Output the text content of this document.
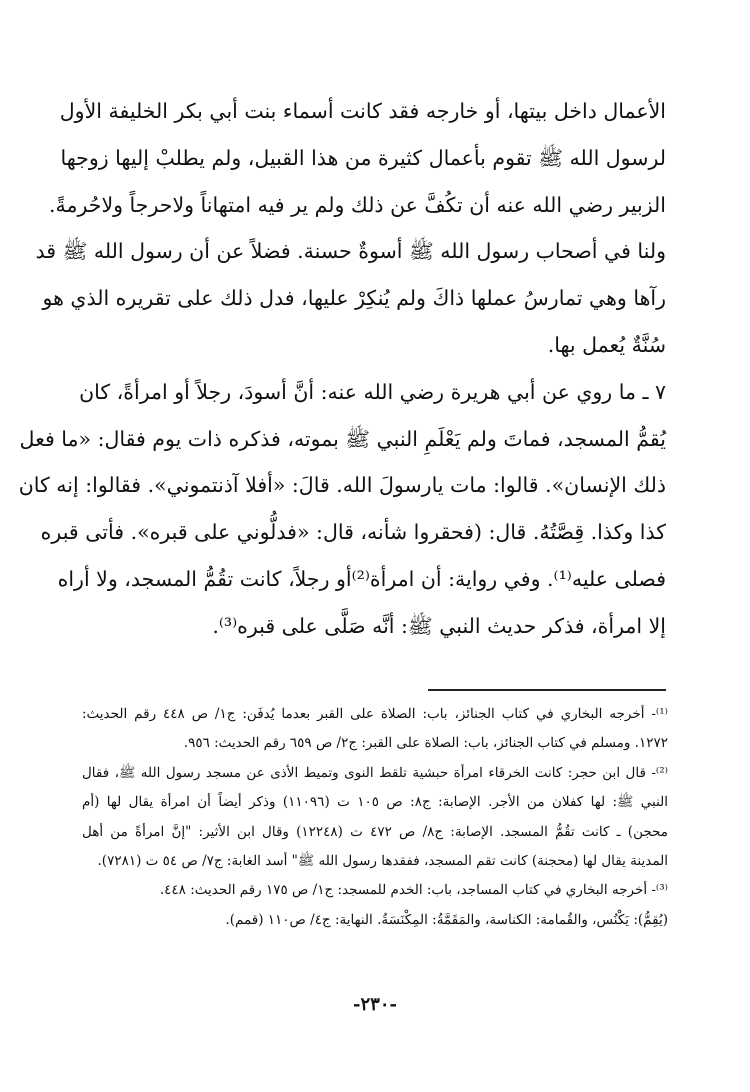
الأعمال داخل بيتها، أو خارجه فقد كانت أسماء بنت أبي بكر الخليفة الأول
لرسول الله ﷺ تقوم بأعمال كثيرة من هذا القبيل، ولم يطلبْ إليها زوجها
الزبير رضي الله عنه أن تكُفَّ عن ذلك ولم ير فيه امتهاناً ولاحرجاً ولاحُرمةً.
ولنا في أصحاب رسول الله ﷺ أسوةٌ حسنة. فضلاً عن أن رسول الله ﷺ قد
رآها وهي تمارسُ عملها ذاكَ ولم يُنكِرْ عليها، فدل ذلك على تقريره الذي هو
سُنَّةٌ يُعمل بها.
٧ ـ ما روي عن أبي هريرة رضي الله عنه: أنَّ أسودَ، رجلاً أو امرأةً، كان
يُقمُّ المسجد، فماتَ ولم يَعْلَمِ النبي ﷺ بموته، فذكره ذات يوم فقال: «ما فعل
ذلك الإنسان». قالوا: مات يارسولَ الله. قالَ: «أفلا آذنتموني». فقالوا: إنه كان
كذا وكذا. قِصَّتُهُ. قال: (فحقروا شأنه، قال: «فدلُّوني على قبره». فأتى قبره
فصلى عليه⁽¹⁾. وفي رواية: أن امرأة⁽²⁾أو رجلاً، كانت تقُمُّ المسجد، ولا أراه
إلا امرأة، فذكر حديث النبي ﷺ: أنَّه صَلَّى على قبره⁽³⁾.
⁽¹⁾- أخرجه البخاري في كتاب الجنائز، باب: الصلاة على القبر بعدما يُدفَن: ج١/ ص ٤٤٨ رقم الحديث:
١٢٧٢. ومسلم في كتاب الجنائز، باب: الصلاة على القبر: ج٢/ ص ٦٥٩ رقم الحديث: ٩٥٦.
⁽²⁾- قال ابن حجر: كانت الخرقاء امرأة حبشية تلقط النوى وتميط الأذى عن مسجد رسول الله ﷺ، فقال
النبي ﷺ: لها كفلان من الأجر. الإصابة: ج٨: ص ١٠٥ ت (١١٠٩٦) وذكر أيضاً أن امرأة يقال لها (أم
محجن) ـ كانت تقُمُّ المسجد. الإصابة: ج٨/ ص ٤٧٢ ت (١٢٢٤٨) وقال ابن الأثير: "إنَّ امرأةً من أهل
المدينة يقال لها (محجنة) كانت تقم المسجد، ففقدها رسول الله ﷺ" أسد الغابة: ج٧/ ص ٥٤ ت (٧٢٨١).
⁽³⁾- أخرجه البخاري في كتاب المساجد، باب: الخدم للمسجد: ج١/ ص ١٧٥ رقم الحديث: ٤٤٨.
(يُقِمُّ): يَكْنُس، والقُمامة: الكناسة، والمَقَمَّةُ: المِكْنَسَةُ. النهاية: ج٤/ ص١١٠ (قمم).
-٢٣٠-
